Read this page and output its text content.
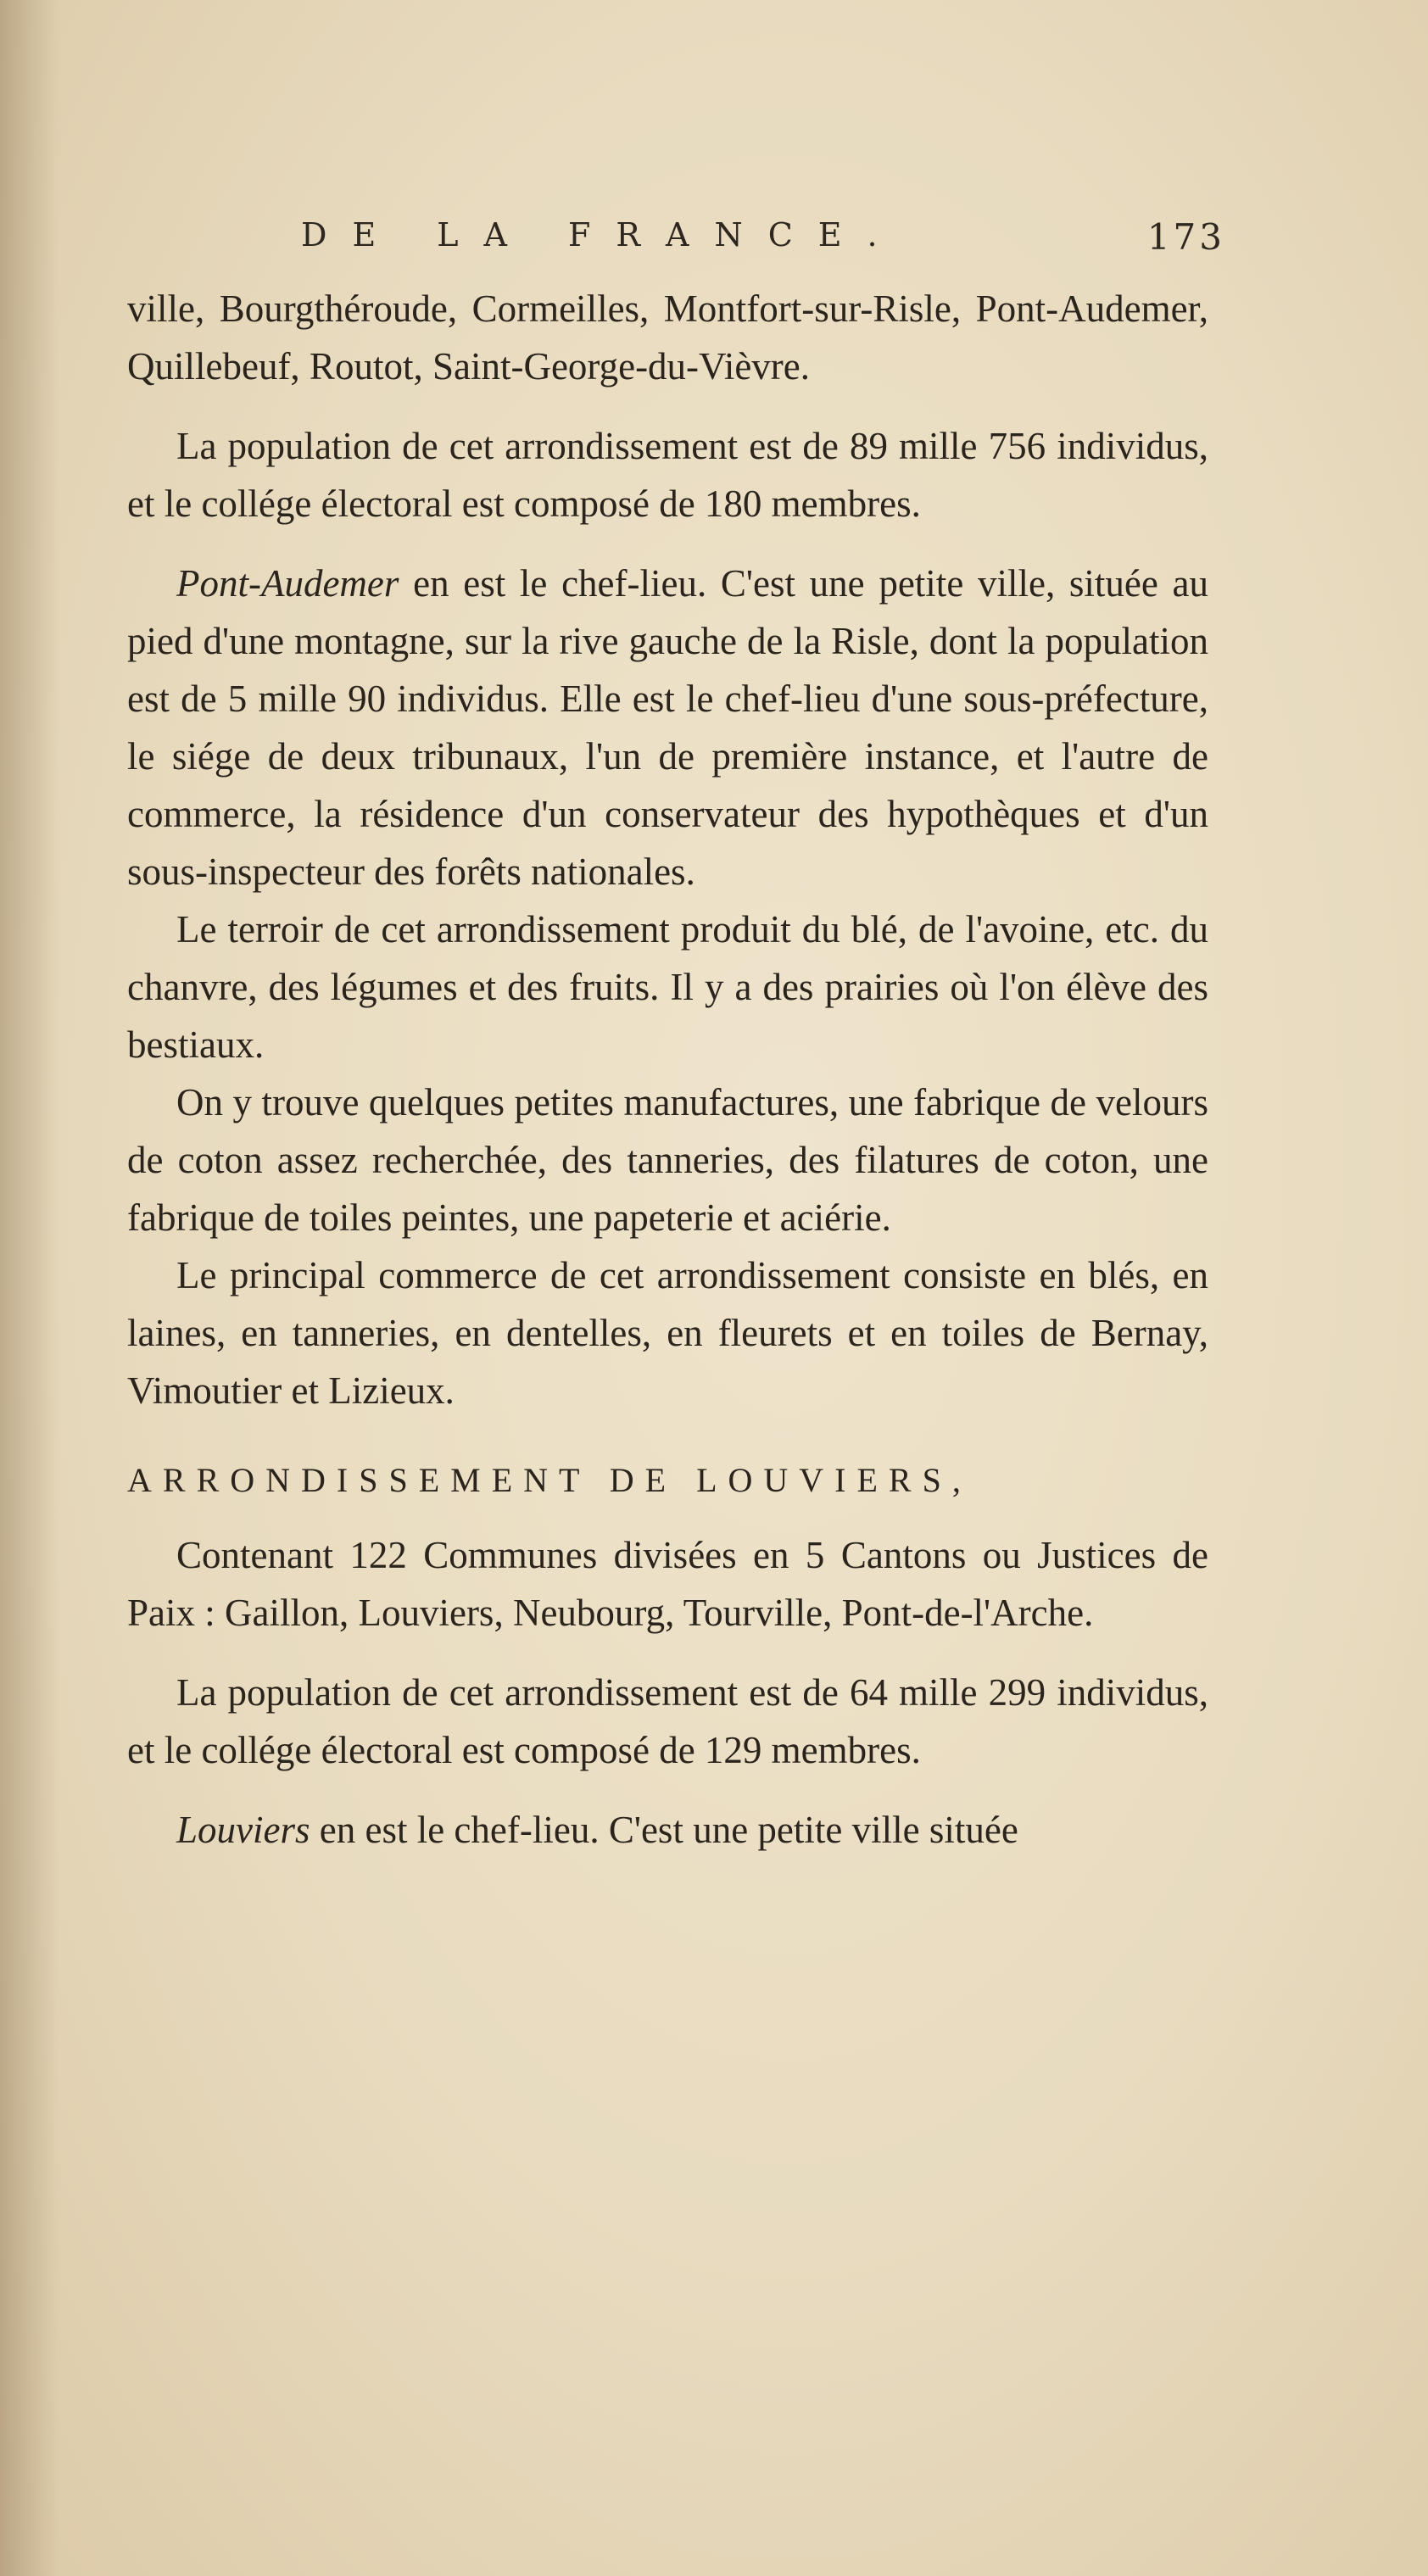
DE LA FRANCE.	173

ville, Bourgthéroude, Cormeilles, Montfort-sur-Risle, Pont-Audemer, Quillebeuf, Routot, Saint-George-du-Vièvre.

La population de cet arrondissement est de 89 mille 756 individus, et le collége électoral est composé de 180 membres.

Pont-Audemer en est le chef-lieu. C'est une petite ville, située au pied d'une montagne, sur la rive gauche de la Risle, dont la population est de 5 mille 90 individus. Elle est le chef-lieu d'une sous-préfecture, le siége de deux tribunaux, l'un de première instance, et l'autre de commerce, la résidence d'un conservateur des hypothèques et d'un sous-inspecteur des forêts nationales.

Le terroir de cet arrondissement produit du blé, de l'avoine, etc. du chanvre, des légumes et des fruits. Il y a des prairies où l'on élève des bestiaux.

On y trouve quelques petites manufactures, une fabrique de velours de coton assez recherchée, des tanneries, des filatures de coton, une fabrique de toiles peintes, une papeterie et aciérie.

Le principal commerce de cet arrondissement consiste en blés, en laines, en tanneries, en dentelles, en fleurets et en toiles de Bernay, Vimoutier et Lizieux.

ARRONDISSEMENT DE LOUVIERS,

Contenant 122 Communes divisées en 5 Cantons ou Justices de Paix : Gaillon, Louviers, Neubourg, Tourville, Pont-de-l'Arche.

La population de cet arrondissement est de 64 mille 299 individus, et le collége électoral est composé de 129 membres.

Louviers en est le chef-lieu. C'est une petite ville située
